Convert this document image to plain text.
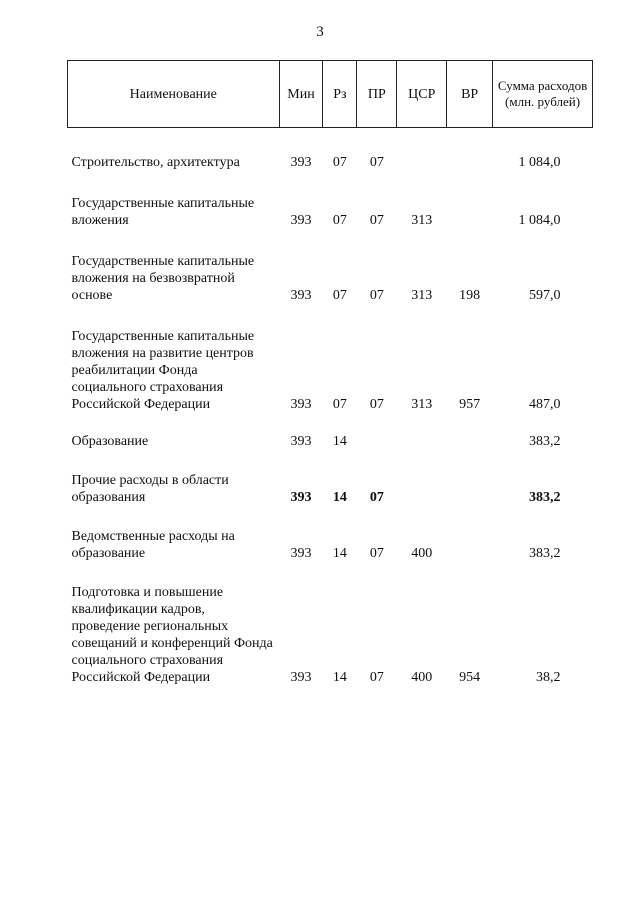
3
Наименование	Мин	Рз	ПР	ЦСР	ВР	Сумма расходов (млн. рублей)

Строительство, архитектура	393	07	07			1 084,0

Государственные капитальные вложения	393	07	07	313		1 084,0

Государственные капитальные вложения на безвозвратной основе	393	07	07	313	198	597,0

Государственные капитальные вложения на развитие центров реабилитации Фонда социального страхования Российской Федерации	393	07	07	313	957	487,0

Образование	393	14				383,2

Прочие расходы в области образования	393	14	07			383,2

Ведомственные расходы на образование	393	14	07	400		383,2

Подготовка и повышение квалификации кадров, проведение региональных совещаний и конференций Фонда социального страхования Российской Федерации	393	14	07	400	954	38,2
